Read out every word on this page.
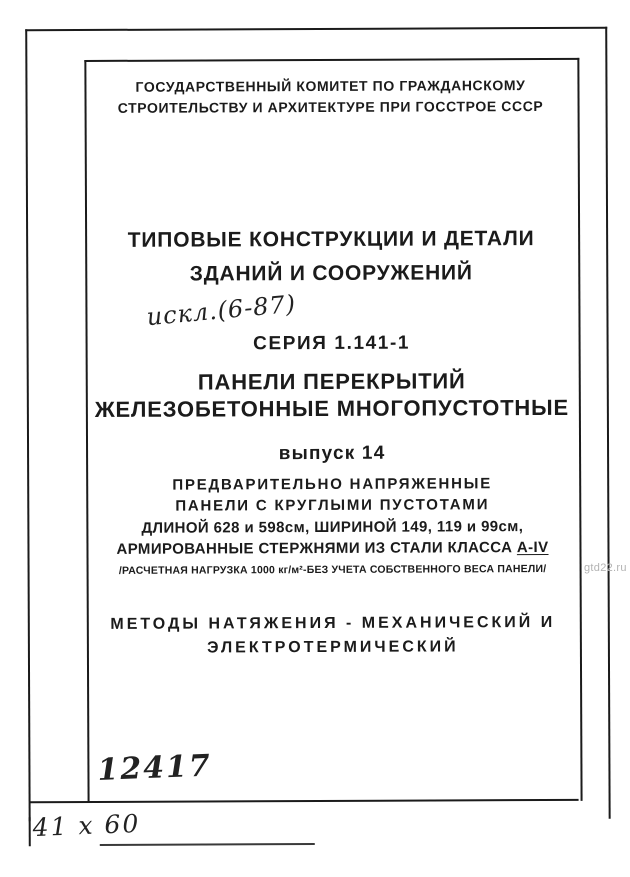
ГОСУДАРСТВЕННЫЙ КОМИТЕТ ПО ГРАЖДАНСКОМУ
СТРОИТЕЛЬСТВУ И АРХИТЕКТУРЕ ПРИ ГОССТРОЕ СССР
ТИПОВЫЕ КОНСТРУКЦИИ И ДЕТАЛИ
ЗДАНИЙ И СООРУЖЕНИЙ
искл.(6-87)
СЕРИЯ 1.141-1
ПАНЕЛИ ПЕРЕКРЫТИЙ
ЖЕЛЕЗОБЕТОННЫЕ МНОГОПУСТОТНЫЕ
выпуск 14
ПРЕДВАРИТЕЛЬНО НАПРЯЖЕННЫЕ
ПАНЕЛИ С КРУГЛЫМИ ПУСТОТАМИ
ДЛИНОЙ 628 и 598см, ШИРИНОЙ 149, 119 и 99см,
АРМИРОВАННЫЕ СТЕРЖНЯМИ ИЗ СТАЛИ КЛАССА А-IV
/РАСЧЕТНАЯ НАГРУЗКА 1000 кг/м²-БЕЗ УЧЕТА СОБСТВЕННОГО ВЕСА ПАНЕЛИ/
МЕТОДЫ НАТЯЖЕНИЯ - МЕХАНИЧЕСКИЙ И
ЭЛЕКТРОТЕРМИЧЕСКИЙ
12417
41 х 60
gtd22.ru
